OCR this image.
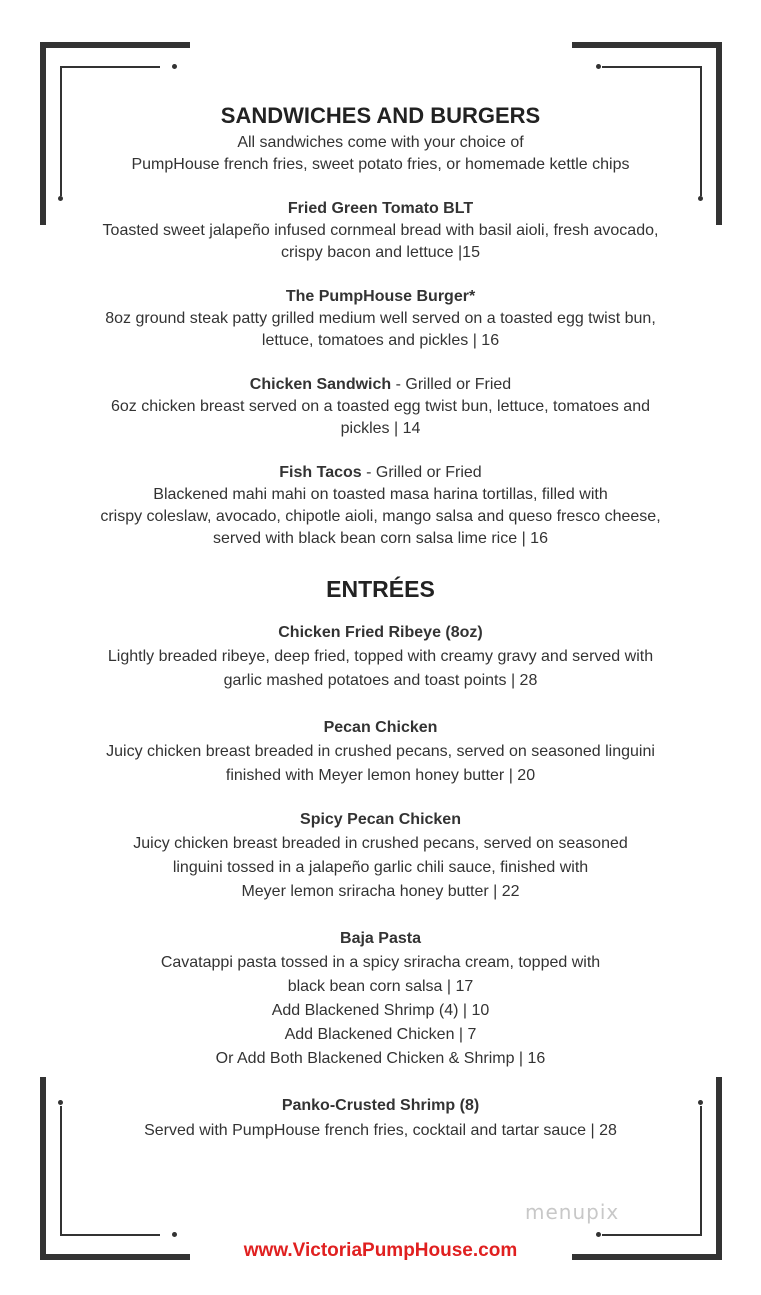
SANDWICHES AND BURGERS
All sandwiches come with your choice of
PumpHouse french fries, sweet potato fries, or homemade kettle chips
Fried Green Tomato BLT
Toasted sweet jalapeño infused cornmeal bread with basil aioli, fresh avocado,
crispy bacon and lettuce |15
The PumpHouse Burger*
8oz ground steak patty grilled medium well served on a toasted egg twist bun,
lettuce, tomatoes and pickles | 16
Chicken Sandwich - Grilled or Fried
6oz chicken breast served on a toasted egg twist bun, lettuce, tomatoes and
pickles | 14
Fish Tacos - Grilled or Fried
Blackened mahi mahi on toasted masa harina tortillas, filled with
crispy coleslaw, avocado, chipotle aioli, mango salsa and queso fresco cheese,
served with black bean corn salsa lime rice | 16
ENTRÉES
Chicken Fried Ribeye (8oz)
Lightly breaded ribeye, deep fried, topped with creamy gravy and served with
garlic mashed potatoes and toast points | 28
Pecan Chicken
Juicy chicken breast breaded in crushed pecans, served on seasoned linguini
finished with Meyer lemon honey butter | 20
Spicy Pecan Chicken
Juicy chicken breast breaded in crushed pecans, served on seasoned
linguini tossed in a jalapeño garlic chili sauce, finished with
Meyer lemon sriracha honey butter | 22
Baja Pasta
Cavatappi pasta tossed in a spicy sriracha cream, topped with
black bean corn salsa | 17
Add Blackened Shrimp (4) | 10
Add Blackened Chicken | 7
Or Add Both Blackened Chicken & Shrimp | 16
Panko-Crusted Shrimp (8)
Served with PumpHouse french fries, cocktail and tartar sauce | 28
menupix
www.VictoriaPumpHouse.com
